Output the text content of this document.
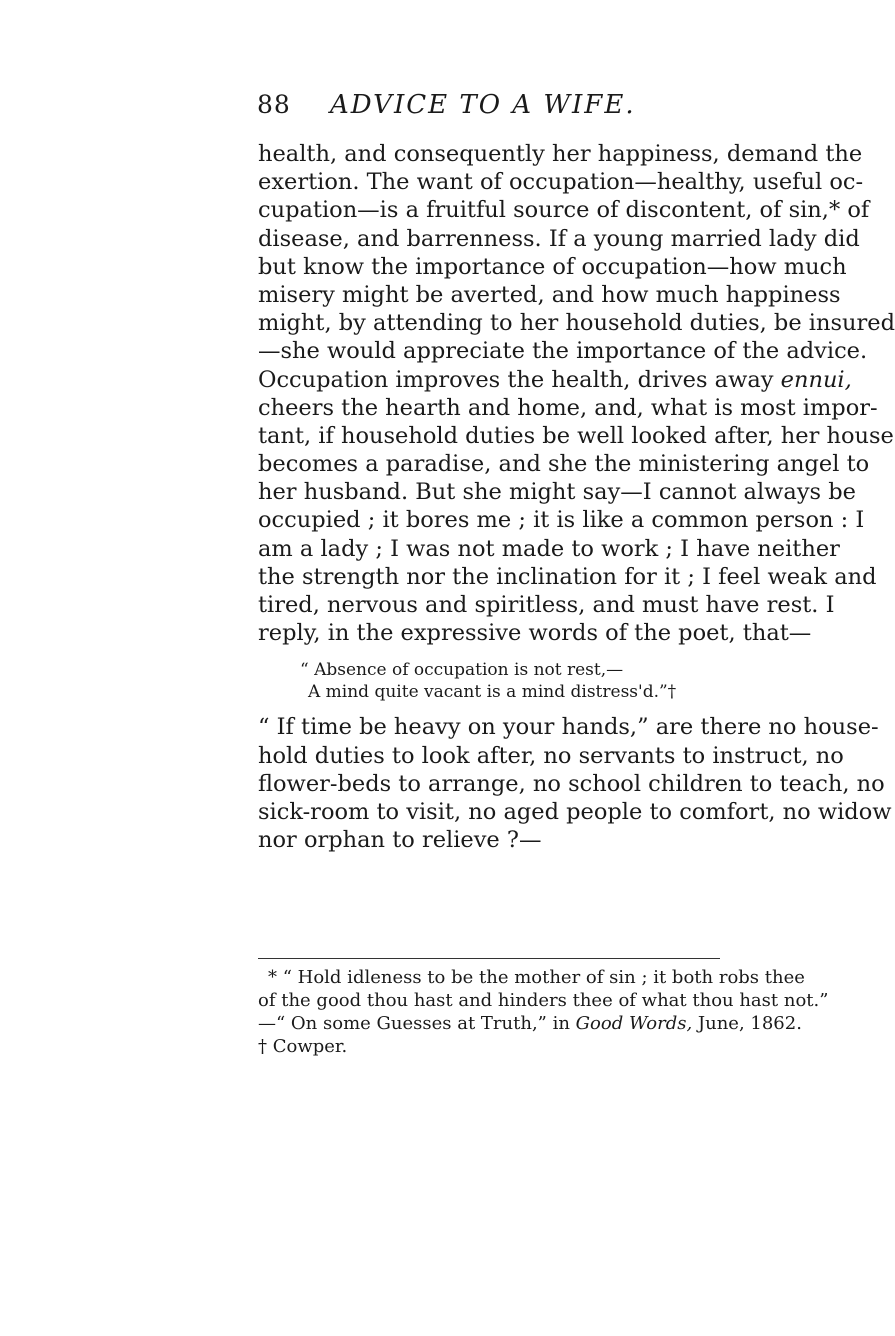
88 ADVICE TO A WIFE.
health, and consequently her happiness, demand the
exertion. The want of occupation—healthy, useful oc-
cupation—is a fruitful source of discontent, of sin,* of
disease, and barrenness. If a young married lady did
but know the importance of occupation—how much
misery might be averted, and how much happiness
might, by attending to her household duties, be insured
—she would appreciate the importance of the advice.
Occupation improves the health, drives away ennui,
cheers the hearth and home, and, what is most impor-
tant, if household duties be well looked after, her house
becomes a paradise, and she the ministering angel to
her husband. But she might say—I cannot always be
occupied ; it bores me ; it is like a common person : I
am a lady ; I was not made to work ; I have neither
the strength nor the inclination for it ; I feel weak and
tired, nervous and spiritless, and must have rest. I
reply, in the expressive words of the poet, that—
“ Absence of occupation is not rest,—
A mind quite vacant is a mind distress'd.”†
“ If time be heavy on your hands,” are there no house-
hold duties to look after, no servants to instruct, no
flower-beds to arrange, no school children to teach, no
sick-room to visit, no aged people to comfort, no widow
nor orphan to relieve ?—
* “ Hold idleness to be the mother of sin ; it both robs thee
of the good thou hast and hinders thee of what thou hast not.”
—“ On some Guesses at Truth,” in Good Words, June, 1862.
† Cowper.
